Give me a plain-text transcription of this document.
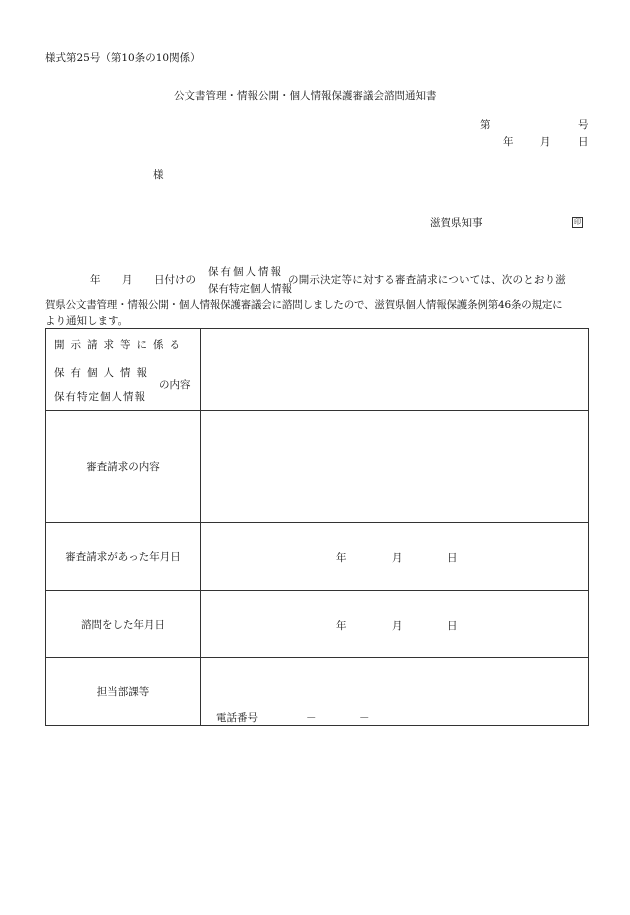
様式第25号（第10条の10関係）
公文書管理・情報公開・個人情報保護審議会諮問通知書
第	号
年	月	日
様
滋賀県知事	印
年 月 日付けの
保有個人情報
保有特定個人情報
の開示決定等に対する審査請求については、次のとおり滋
賀県公文書管理・情報公開・個人情報保護審議会に諮問しましたので、滋賀県個人情報保護条例第46条の規定に
より通知します。
開示請求等に係る
保有個人情報
保有特定個人情報
の内容	

審査請求の内容	
審査請求があった年月日	年 月 日

諮問をした年月日	年 月 日

担当部課等	電話番号 － －
